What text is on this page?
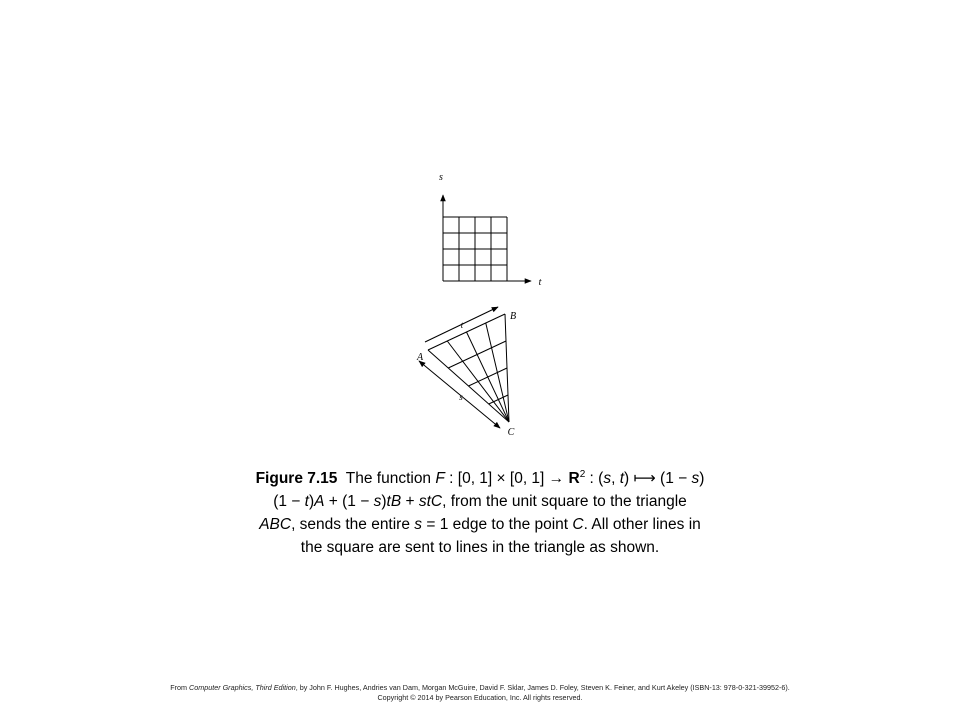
s
t
A
B
C
t
s
Figure 7.15  The function F : [0, 1] × [0, $1] \to R^2$ : (s, t) ⟼ (1 − s)
(1 − t)A + (1 − s)tB + stC, from the unit square to the triangle
ABC, sends the entire s = 1 edge to the point C. All other lines in
the square are sent to lines in the triangle as shown.
From Computer Graphics, Third Edition, by John F. Hughes, Andries van Dam, Morgan McGuire, David F. Sklar, James D. Foley, Steven K. Feiner, and Kurt Akeley (ISBN-13: 978-0-321-39952-6).
Copyright © 2014 by Pearson Education, Inc. All rights reserved.
